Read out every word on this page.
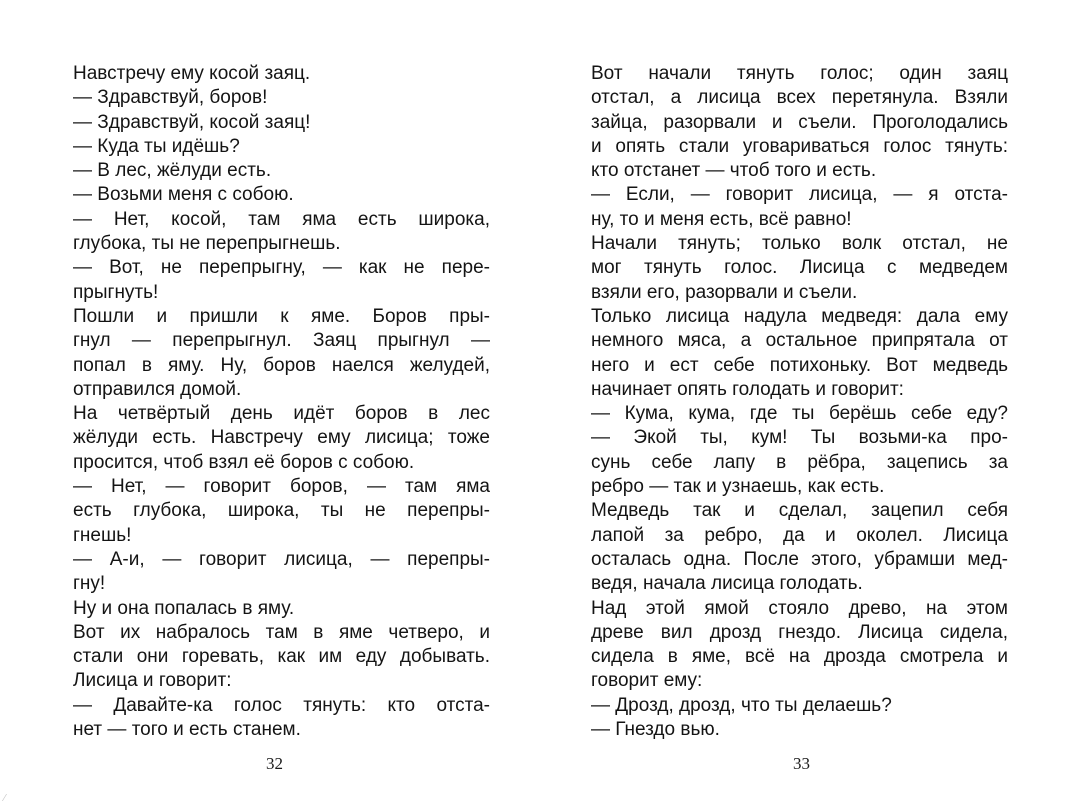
Навстречу ему косой заяц.
— Здравствуй, боров!
— Здравствуй, косой заяц!
— Куда ты идёшь?
— В лес, жёлуди есть.
— Возьми меня с собою.
— Нет, косой, там яма есть широка,
глубока, ты не перепрыгнешь.
— Вот, не перепрыгну, — как не пере-
прыгнуть!
Пошли и пришли к яме. Боров пры-
гнул — перепрыгнул. Заяц прыгнул —
попал в яму. Ну, боров наелся желудей,
отправился домой.
На четвёртый день идёт боров в лес
жёлуди есть. Навстречу ему лисица; тоже
просится, чтоб взял её боров с собою.
— Нет, — говорит боров, — там яма
есть глубока, широка, ты не перепры-
гнешь!
— А-и, — говорит лисица, — перепры-
гну!
Ну и она попалась в яму.
Вот их набралось там в яме четверо, и
стали они горевать, как им еду добывать.
Лисица и говорит:
— Давайте-ка голос тянуть: кто отста-
нет — того и есть станем.
32
Вот начали тянуть голос; один заяц
отстал, а лисица всех перетянула. Взяли
зайца, разорвали и съели. Проголодались
и опять стали уговариваться голос тянуть:
кто отстанет — чтоб того и есть.
— Если, — говорит лисица, — я отста-
ну, то и меня есть, всё равно!
Начали тянуть; только волк отстал, не
мог тянуть голос. Лисица с медведем
взяли его, разорвали и съели.
Только лисица надула медведя: дала ему
немного мяса, а остальное припрятала от
него и ест себе потихоньку. Вот медведь
начинает опять голодать и говорит:
— Кума, кума, где ты берёшь себе еду?
— Экой ты, кум! Ты возьми-ка про-
сунь себе лапу в рёбра, зацепись за
ребро — так и узнаешь, как есть.
Медведь так и сделал, зацепил себя
лапой за ребро, да и околел. Лисица
осталась одна. После этого, убрамши мед-
ведя, начала лисица голодать.
Над этой ямой стояло древо, на этом
древе вил дрозд гнездо. Лисица сидела,
сидела в яме, всё на дрозда смотрела и
говорит ему:
— Дрозд, дрозд, что ты делаешь?
— Гнездо вью.
33
⁄
